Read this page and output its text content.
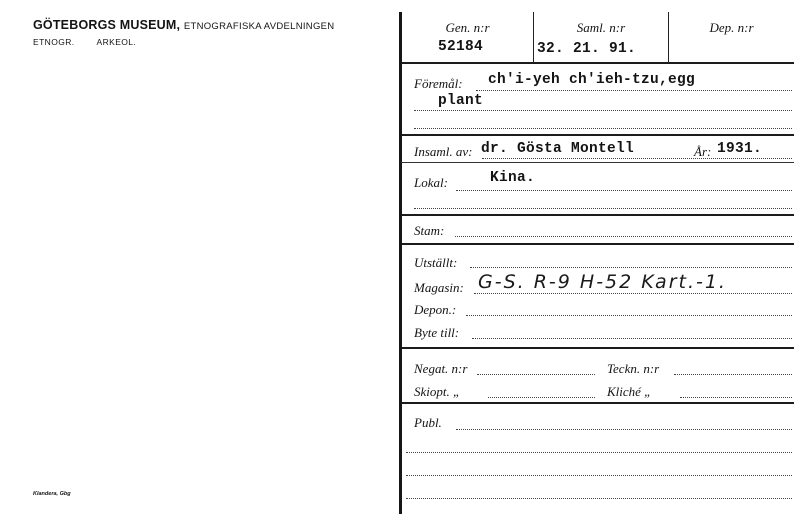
GÖTEBORGS MUSEUM, ETNOGRAFISKA AVDELNINGEN
ETNOGR.	ARKEOL.
Klandera, Gbg
Gen. n:r	Saml. n:r	Dep. n:r
52184	32. 21. 91.
Föremål: ch'i-yeh ch'ieh-tzu,egg
plant
Insaml. av: dr. Gösta Montell	År: 1931.
Lokal:	Kina.
Stam:
Utställt:
Magasin: G-S. R-9 H-52 Kart.-1.
Depon.:
Byte till:
Negat. n:r	Teckn. n:r
Skiopt. „	Kliché „
Publ.
